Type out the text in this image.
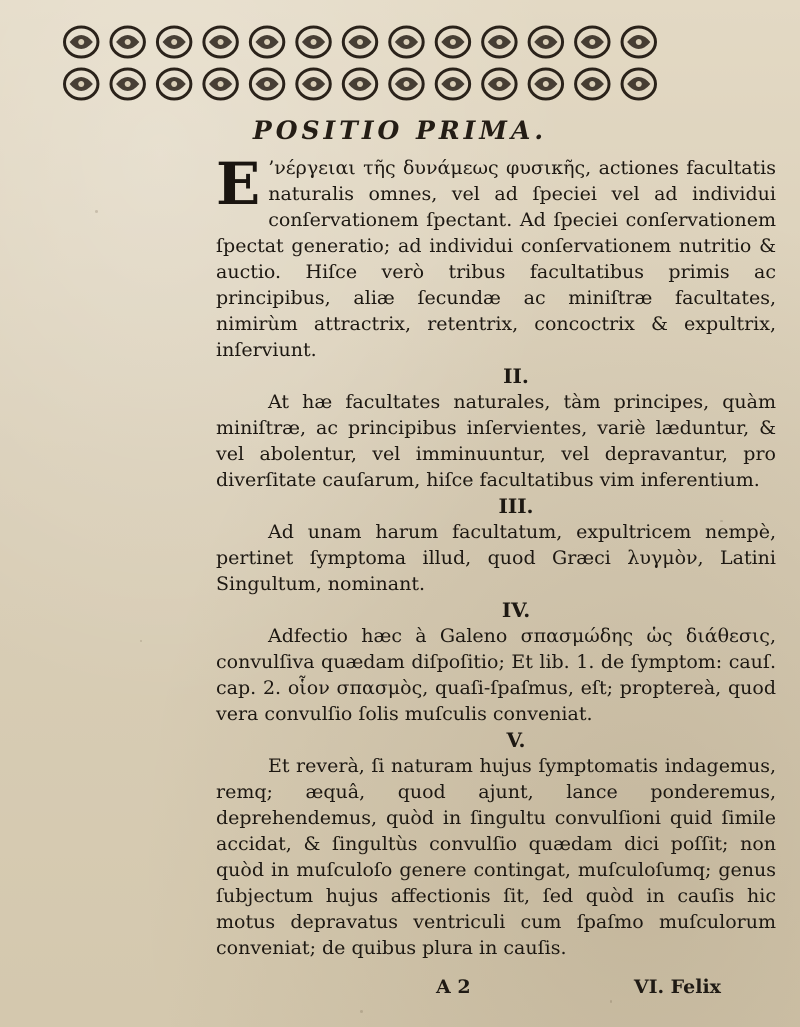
POSITIO PRIMA.

E ’νέργειαι τῆς δυνάμεως φυσικῆς, actiones facultatis naturalis omnes, vel ad ſpeciei vel ad individui conſervationem ſpectant. Ad ſpeciei conſervationem ſpectat generatio; ad individui conſervationem nutritio & auctio. Hiſce verò tribus facultatibus primis ac principibus, aliæ ſecundæ ac miniſtræ facultates, nimirùm attractrix, retentrix, concoctrix & expultrix, inſerviunt.

II.

At hæ facultates naturales, tàm principes, quàm miniſtræ, ac principibus inſervientes, variè læduntur, & vel abolentur, vel imminuuntur, vel depravantur, pro diverſitate cauſarum, hiſce facultatibus vim inferentium.

III.

Ad unam harum facultatum, expultricem nempè, pertinet ſymptoma illud, quod Græci λυγμὸν, Latini Singultum, nominant.

IV.

Adfectio hæc à Galeno σπασμώδης ὡς διάθεσις, convulſiva quædam diſpoſitio; Et lib. 1. de ſymptom: cauſ. cap. 2. οἷον σπασμὸς, quaſi-ſpaſmus, eſt; proptereà, quod vera convulſio ſolis muſculis conveniat.

V.

Et reverà, ſi naturam hujus ſymptomatis indagemus, remq; æquâ, quod ajunt, lance ponderemus, deprehendemus, quòd in ſingultu convulſioni quid ſimile accidat, & ſingultùs convulſio quædam dici poſſit; non quòd in muſculoſo genere contingat, muſculoſumq; genus ſubjectum hujus affectionis ſit, ſed quòd in cauſis hic motus depravatus ventriculi cum ſpaſmo muſculorum conveniat; de quibus plura in cauſis.

A 2	VI. Felix
